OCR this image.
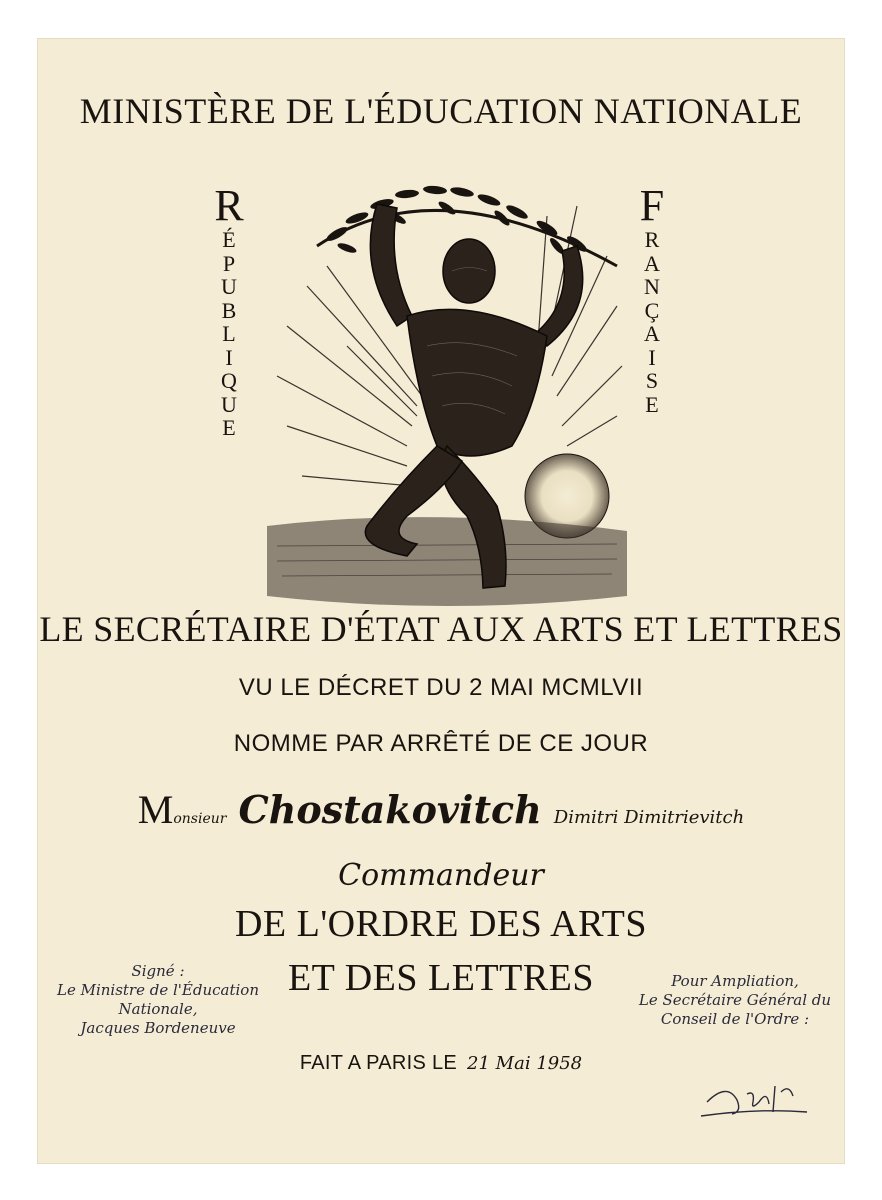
MINISTÈRE DE L'ÉDUCATION NATIONALE
R
É
P
U
B
L
I
Q
U
E
F
R
A
N
Ç
A
I
S
E
LE SECRÉTAIRE D'ÉTAT AUX ARTS ET LETTRES
VU LE DÉCRET DU 2 MAI MCMLVII
NOMME PAR ARRÊTÉ DE CE JOUR
Monsieur Chostakovitch Dimitri Dimitrievitch
Commandeur
DE L'ORDRE DES ARTS
ET DES LETTRES
Signé :
Le Ministre de l'Éducation
Nationale,
Jacques Bordeneuve
Pour Ampliation,
Le Secrétaire Général du
Conseil de l'Ordre :
FAIT A PARIS LE 21 Mai 1958
